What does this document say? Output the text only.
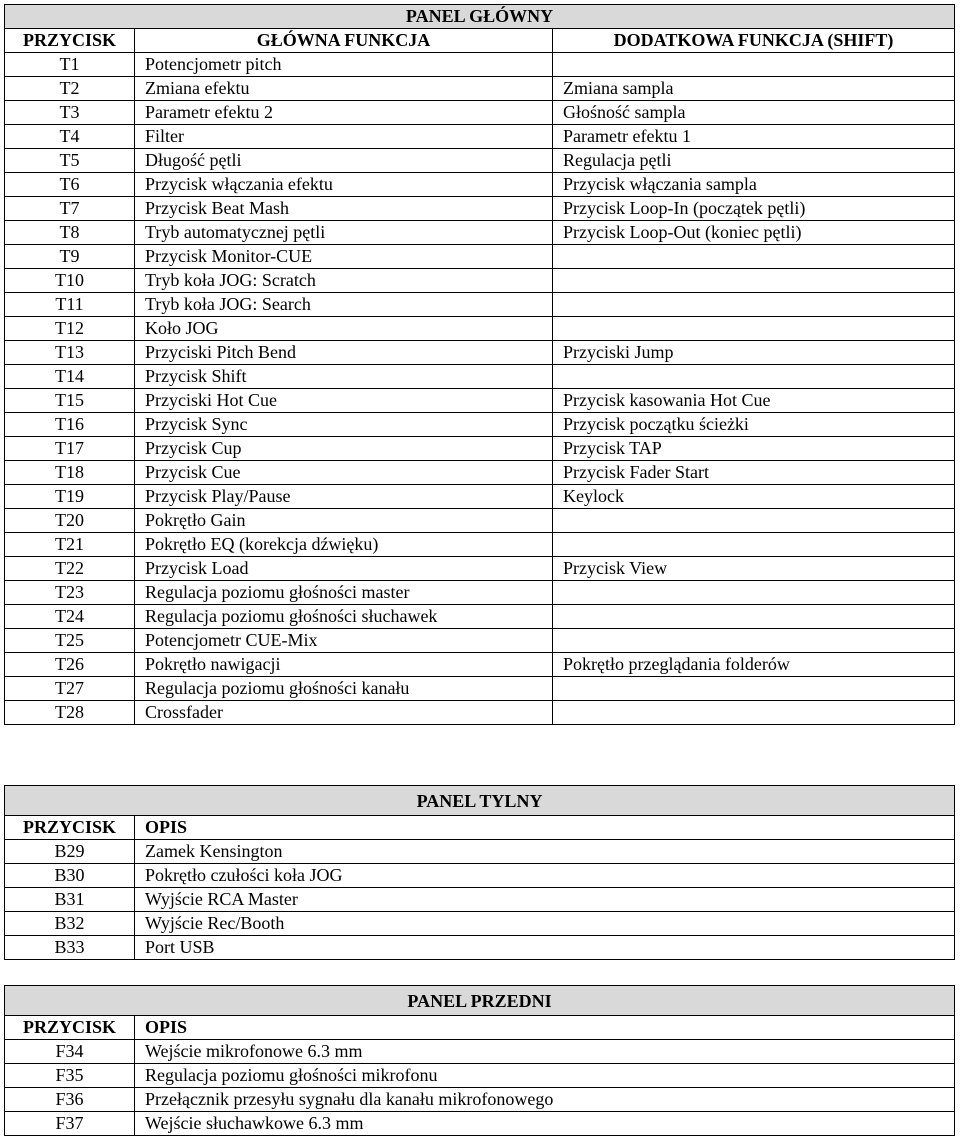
PANEL GŁÓWNY		
PRZYCISK	GŁÓWNA FUNKCJA	DODATKOWA FUNKCJA (SHIFT)
T1	Potencjometr pitch	
T2	Zmiana efektu	Zmiana sampla
T3	Parametr efektu 2	Głośność sampla
T4	Filter	Parametr efektu 1
T5	Długość pętli	Regulacja pętli
T6	Przycisk włączania efektu	Przycisk włączania sampla
T7	Przycisk Beat Mash	Przycisk Loop-In (początek pętli)
T8	Tryb automatycznej pętli	Przycisk Loop-Out (koniec pętli)
T9	Przycisk Monitor-CUE	
T10	Tryb koła JOG: Scratch	
T11	Tryb koła JOG: Search	
T12	Koło JOG	
T13	Przyciski Pitch Bend	Przyciski Jump
T14	Przycisk Shift	
T15	Przyciski Hot Cue	Przycisk kasowania Hot Cue
T16	Przycisk Sync	Przycisk początku ścieżki
T17	Przycisk Cup	Przycisk TAP
T18	Przycisk Cue	Przycisk Fader Start
T19	Przycisk Play/Pause	Keylock
T20	Pokrętło Gain	
T21	Pokrętło EQ (korekcja dźwięku)	
T22	Przycisk Load	Przycisk View
T23	Regulacja poziomu głośności master	
T24	Regulacja poziomu głośności słuchawek	
T25	Potencjometr CUE-Mix	
T26	Pokrętło nawigacji	Pokrętło przeglądania folderów
T27	Regulacja poziomu głośności kanału	
T28	Crossfader	
PANEL TYLNY	
PRZYCISK	OPIS
B29	Zamek Kensington
B30	Pokrętło czułości koła JOG
B31	Wyjście RCA Master
B32	Wyjście Rec/Booth
B33	Port USB
PANEL PRZEDNI	
PRZYCISK	OPIS
F34	Wejście mikrofonowe 6.3 mm
F35	Regulacja poziomu głośności mikrofonu
F36	Przełącznik przesyłu sygnału dla kanału mikrofonowego
F37	Wejście słuchawkowe 6.3 mm
